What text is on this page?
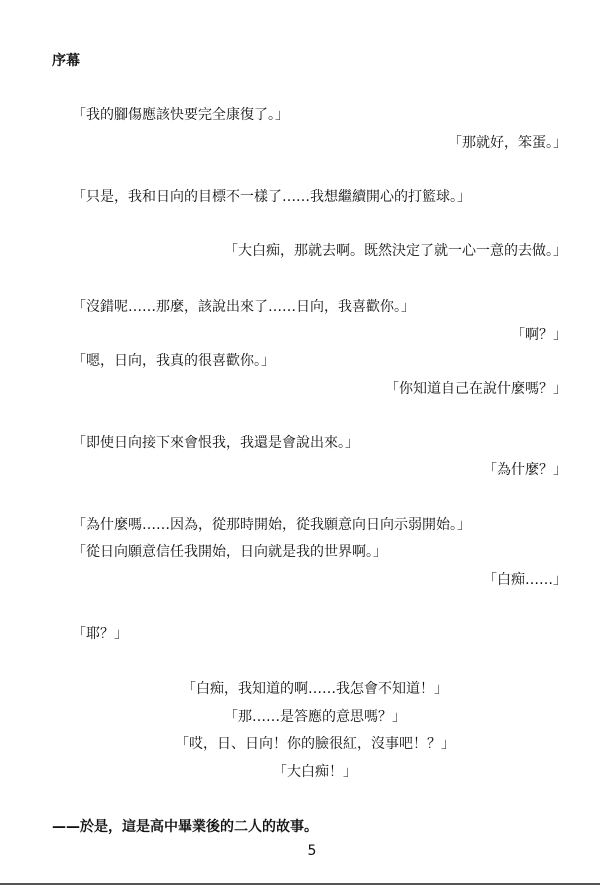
序幕
「我的腳傷應該快要完全康復了。」
「那就好，笨蛋。」
「只是，我和日向的目標不一樣了……我想繼續開心的打籃球。」
「大白痴，那就去啊。既然決定了就一心一意的去做。」
「沒錯呢……那麼，該說出來了……日向，我喜歡你。」
「啊？」
「嗯，日向，我真的很喜歡你。」
「你知道自己在說什麼嗎？」
「即使日向接下來會恨我，我還是會說出來。」
「為什麼？」
「為什麼嗎……因為，從那時開始，從我願意向日向示弱開始。」
「從日向願意信任我開始，日向就是我的世界啊。」
「白痴……」
「耶？」
「白痴，我知道的啊……我怎會不知道！」
「那……是答應的意思嗎？」
「哎，日、日向！你的臉很紅，沒事吧！？」
「大白痴！」
——於是，這是高中畢業後的二人的故事。
5
